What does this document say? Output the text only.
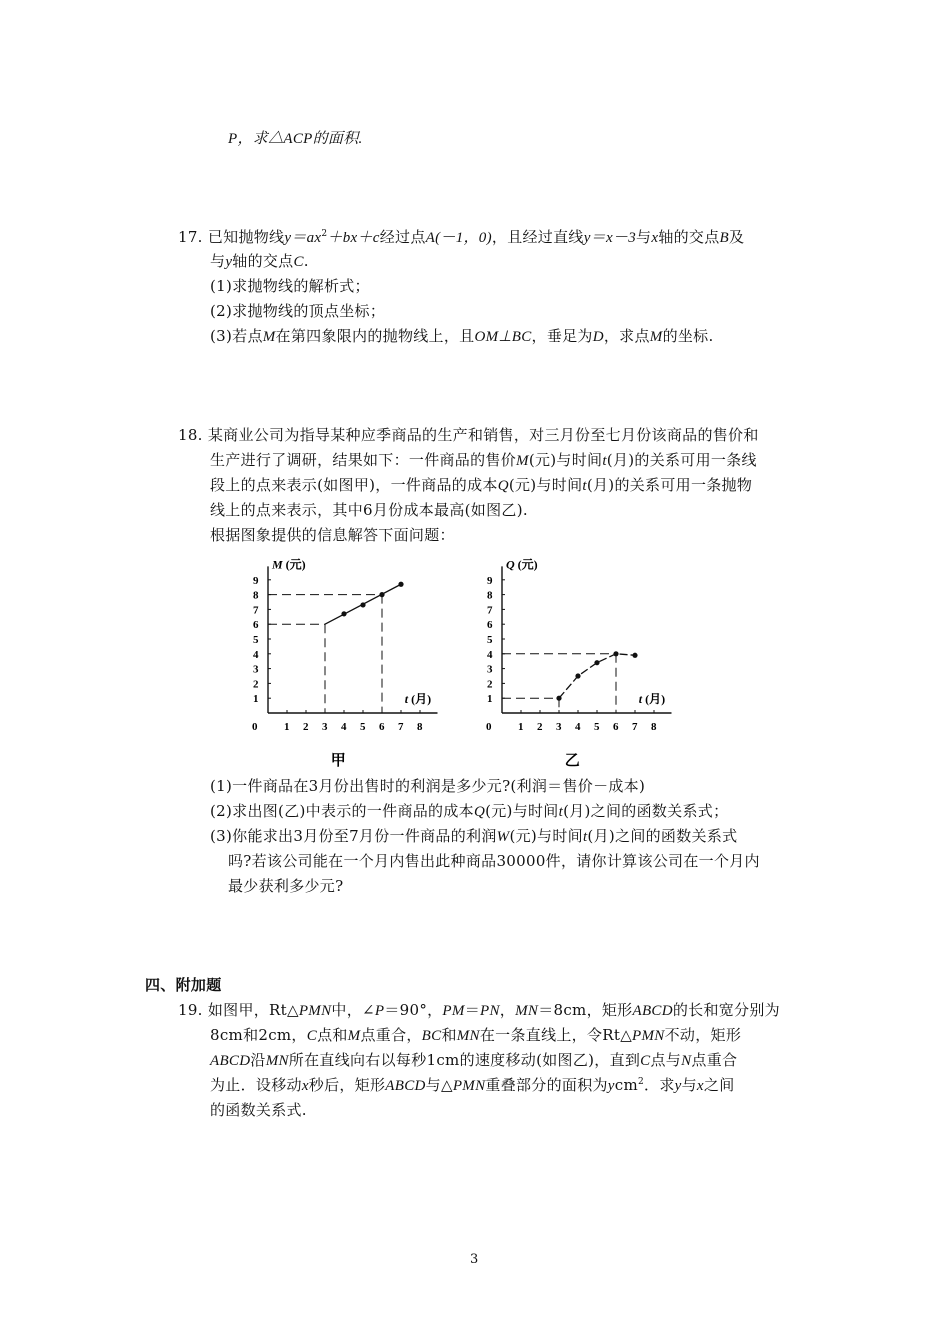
P，求△ACP的面积.
17. 已知抛物线$y=ax^2+bx+c$经过点A(－1，0)，且经过直线y＝x－3与x轴的交点B及
与y轴的交点C.
(1)求抛物线的解析式；
(2)求抛物线的顶点坐标；
(3)若点M在第四象限内的抛物线上，且OM⊥BC，垂足为D，求点M的坐标.
18. 某商业公司为指导某种应季商品的生产和销售，对三月份至七月份该商品的售价和
生产进行了调研，结果如下：一件商品的售价M(元)与时间t(月)的关系可用一条线
段上的点来表示(如图甲)，一件商品的成本Q(元)与时间t(月)的关系可用一条抛物
线上的点来表示，其中6月份成本最高(如图乙).
根据图象提供的信息解答下面问题：
0 1 2 3 4 5 6 7 8
1
2
3
4
5
6
7
8
9
M (元)
t (月)
甲
0 1 2 3 4 5 6 7 8
1
2
3
4
5
6
7
8
9
Q (元)
t (月)
乙
(1)一件商品在3月份出售时的利润是多少元?(利润＝售价－成本)
(2)求出图(乙)中表示的一件商品的成本Q(元)与时间t(月)之间的函数关系式；
(3)你能求出3月份至7月份一件商品的利润W(元)与时间t(月)之间的函数关系式
吗?若该公司能在一个月内售出此种商品30000件，请你计算该公司在一个月内
最少获利多少元?
四、附加题
19. 如图甲，Rt△PMN中，∠P＝90°，PM＝PN，MN＝8cm，矩形ABCD的长和宽分别为
8cm和2cm，C点和M点重合，BC和MN在一条直线上，令Rt△PMN不动，矩形
ABCD沿MN所在直线向右以每秒1cm的速度移动(如图乙)，直到C点与N点重合
为止．设移动x秒后，矩形ABCD与△PMN重叠部分的面积为ycm$^2$．求y与x之间
的函数关系式.
3
